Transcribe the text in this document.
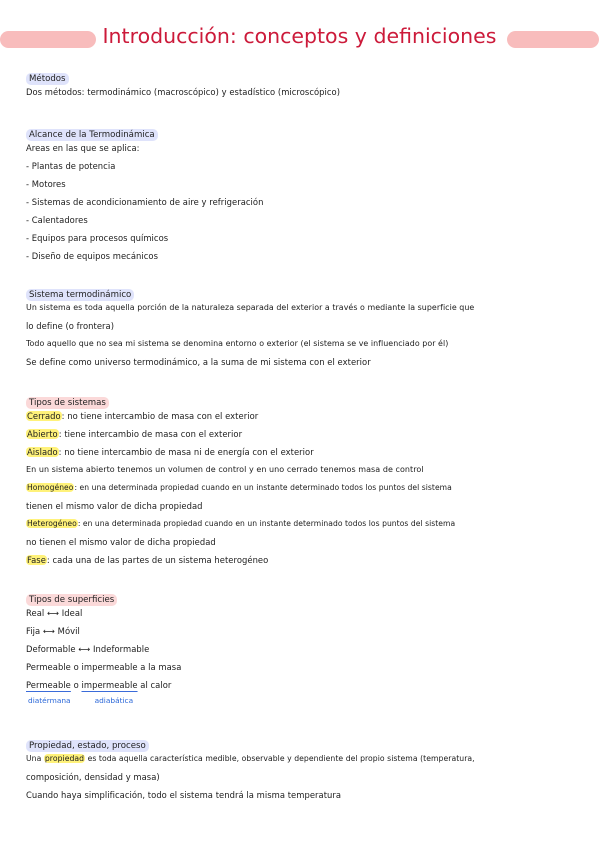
Introducción: conceptos y definiciones
Métodos
Dos métodos: termodinámico (macroscópico) y estadístico (microscópico)
Alcance de la Termodinámica
Areas en las que se aplica:
- Plantas de potencia
- Motores
- Sistemas de acondicionamiento de aire y refrigeración
- Calentadores
- Equipos para procesos químicos
- Diseño de equipos mecánicos
Sistema termodinámico
Un sistema es toda aquella porción de la naturaleza separada del exterior a través o mediante la superficie que
lo define (o frontera)
Todo aquello que no sea mi sistema se denomina entorno o exterior (el sistema se ve influenciado por él)
Se define como universo termodinámico, a la suma de mi sistema con el exterior
Tipos de sistemas
Cerrado: no tiene intercambio de masa con el exterior
Abierto: tiene intercambio de masa con el exterior
Aislado: no tiene intercambio de masa ni de energía con el exterior
En un sistema abierto tenemos un volumen de control y en uno cerrado tenemos masa de control
Homogéneo: en una determinada propiedad cuando en un instante determinado todos los puntos del sistema
tienen el mismo valor de dicha propiedad
Heterogéneo: en una determinada propiedad cuando en un instante determinado todos los puntos del sistema
no tienen el mismo valor de dicha propiedad
Fase: cada una de las partes de un sistema heterogéneo
Tipos de superficies
Real ⟷ Ideal
Fija ⟷ Móvil
Deformable ⟷ Indeformable
Permeable o impermeable a la masa
Permeable o impermeable al calor
diatérmana	adiabática
Propiedad, estado, proceso
Una propiedad es toda aquella característica medible, observable y dependiente del propio sistema (temperatura,
composición, densidad y masa)
Cuando haya simplificación, todo el sistema tendrá la misma temperatura
